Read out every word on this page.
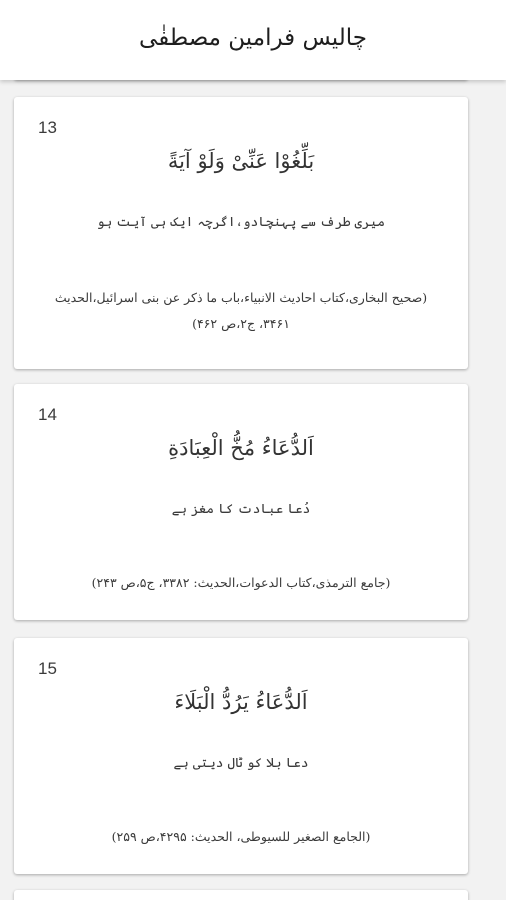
چالیس فرامین مصطفٰی
13
بَلِّغُوْا عَنِّیْ وَلَوْ آيَةً
میری طرف سے پہنچادو،اگرچہ ایک ہی آیت ہو
(صحیح البخاری،کتاب احادیث الانبیاء،باب ما ذکر عن بنی اسرائیل،الحدیث ۳۴۶۱، ج۲،ص ۴۶۲)
14
اَلدُّعَاءُ مُخُّ الْعِبَادَةِ
دُعا عبادت کا مغز ہے
(جامع الترمذی،کتاب الدعوات،الحدیث: ۳۳۸۲، ج۵،ص ۲۴۳)
15
اَلدُّعَاءُ يَرُدُّ الْبَلَاءَ
دعا بلا کو ٹال دیتی ہے
(الجامع الصغیر للسیوطی، الحدیث: ۴۲۹۵،ص ۲۵۹)
